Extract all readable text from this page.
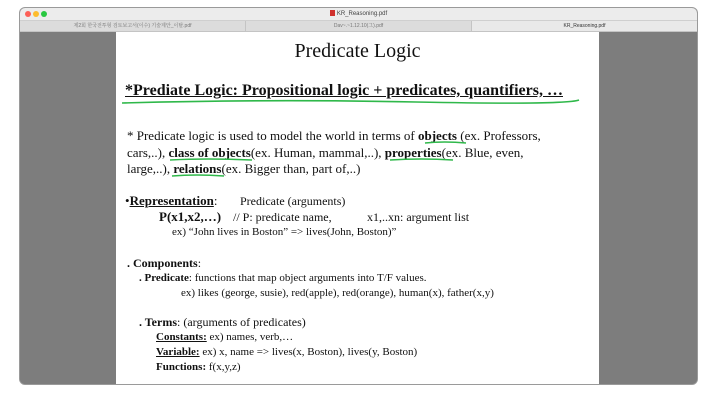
KR_Reasoning.pdf
제2회 한국전투형 검토보고서(이수) 기술제안_이탈.pdf	Dav~.~1.12.10(그).pdf	KR_Reasoning.pdf
Predicate Logic
*Prediate Logic: Propositional logic + predicates, quantifiers, …
* Predicate logic is used to model the world in terms of objects (ex. Professors,
cars,..), class of objects(ex. Human, mammal,..), properties(ex. Blue, even,
large,..), relations(ex. Bigger than, part of,..)
•Representation: Predicate (arguments)
P(x1,x2,…) // P: predicate name,	x1,..xn: argument list
ex) “John lives in Boston” => lives(John, Boston)”
. Components:
. Predicate: functions that map object arguments into T/F values.
ex) likes (george, susie), red(apple), red(orange), human(x), father(x,y)
. Terms: (arguments of predicates)
Constants: ex) names, verb,…
Variable: ex) x, name => lives(x, Boston), lives(y, Boston)
Functions: f(x,y,z)
